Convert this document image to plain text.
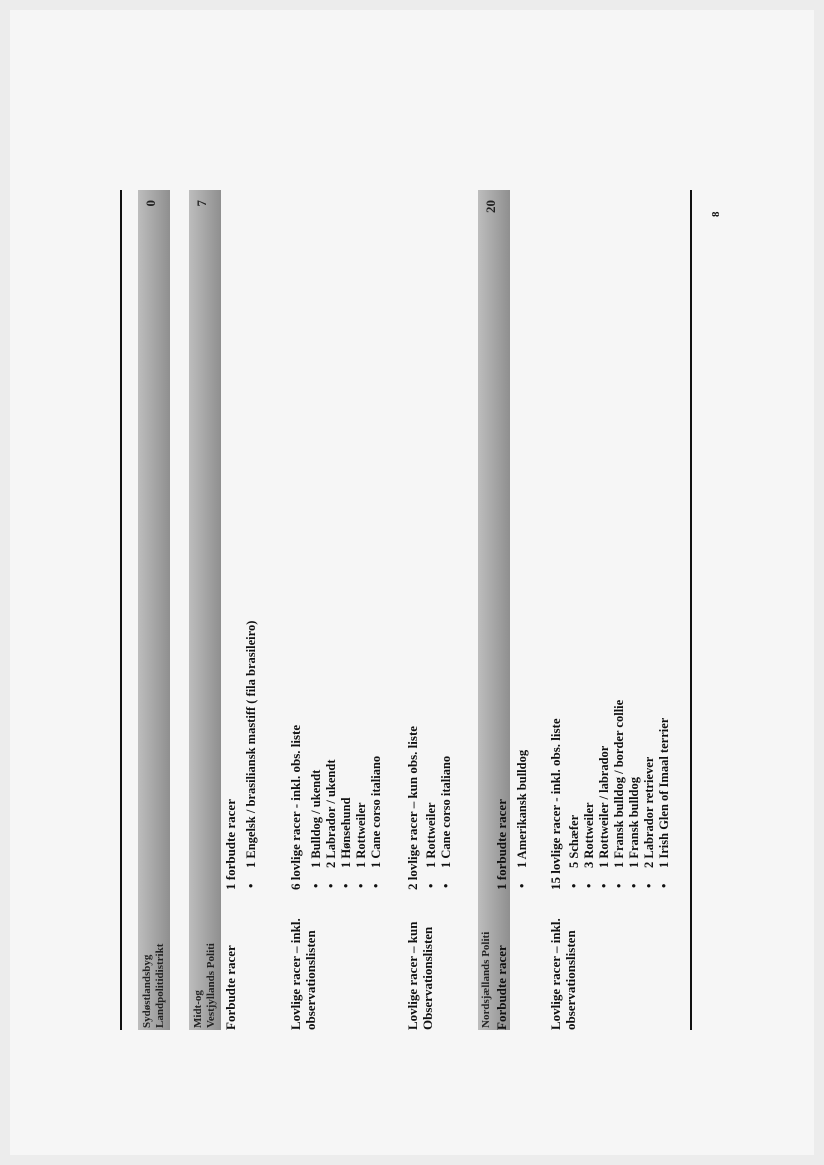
Sydøstlandsbyg Landpolitidistrikt
0
Midt-og Vestjyllands Politi
7
Forbudte racer
1 forbudte racer • 1 Engelsk / brasiliansk mastiff ( fila brasileiro)
Lovlige racer – inkl. observationslisten
6 lovlige racer - inkl. obs. liste • 1 Bulldog / ukendt • 2 Labrador / ukendt • 1 Hønsehund • 1 Rottweiler • 1 Cane corso italiano
Lovlige racer – kun Observationslisten
2 lovlige racer – kun obs. liste • 1 Rottweiler • 1 Cane corso italiano
Nordsjællands Politi
20
Forbudte racer
1 forbudte racer • 1 Amerikansk bulldog
Lovlige racer – inkl. observationslisten
15 lovlige racer - inkl. obs. liste • 5 Schæfer • 3 Rottweiler • 1 Rottweiler / labrador • 1 Fransk bulldog / border collie • 1 Fransk bulldog • 2 Labrador retriever • 1 Irish Glen of Imaal terrier
8
